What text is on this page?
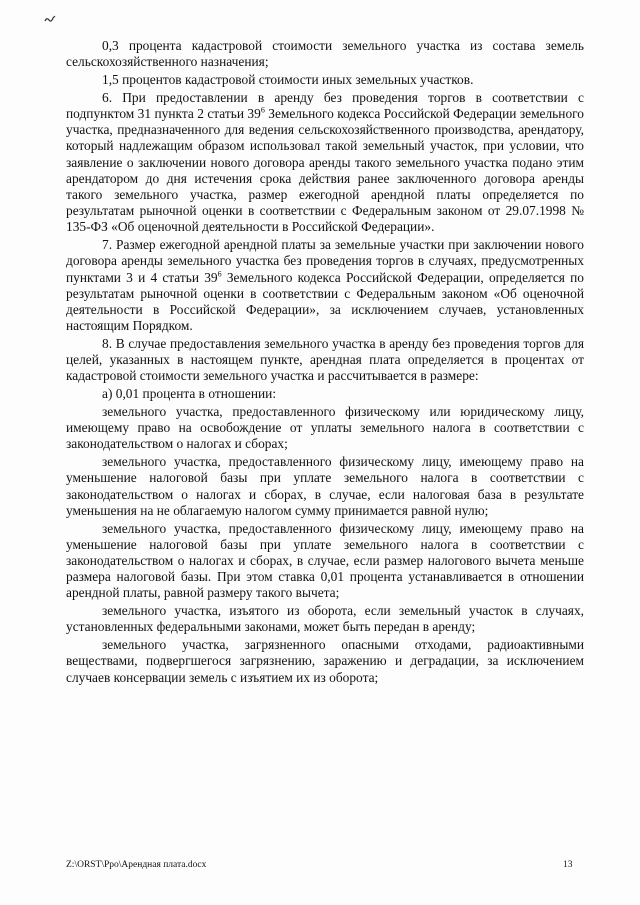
0,3 процента кадастровой стоимости земельного участка из состава земель сельскохозяйственного назначения;

1,5 процентов кадастровой стоимости иных земельных участков.

6. При предоставлении в аренду без проведения торгов в соответствии с подпунктом 31 пункта 2 статьи $39^6$ Земельного кодекса Российской Федерации земельного участка, предназначенного для ведения сельскохозяйственного производства, арендатору, который надлежащим образом использовал такой земельный участок, при условии, что заявление о заключении нового договора аренды такого земельного участка подано этим арендатором до дня истечения срока действия ранее заключенного договора аренды такого земельного участка, размер ежегодной арендной платы определяется по результатам рыночной оценки в соответствии с Федеральным законом от 29.07.1998 № 135-ФЗ «Об оценочной деятельности в Российской Федерации».

7. Размер ежегодной арендной платы за земельные участки при заключении нового договора аренды земельного участка без проведения торгов в случаях, предусмотренных пунктами 3 и 4 статьи $39^6$ Земельного кодекса Российской Федерации, определяется по результатам рыночной оценки в соответствии с Федеральным законом «Об оценочной деятельности в Российской Федерации», за исключением случаев, установленных настоящим Порядком.

8. В случае предоставления земельного участка в аренду без проведения торгов для целей, указанных в настоящем пункте, арендная плата определяется в процентах от кадастровой стоимости земельного участка и рассчитывается в размере:

а) 0,01 процента в отношении:

земельного участка, предоставленного физическому или юридическому лицу, имеющему право на освобождение от уплаты земельного налога в соответствии с законодательством о налогах и сборах;

земельного участка, предоставленного физическому лицу, имеющему право на уменьшение налоговой базы при уплате земельного налога в соответствии с законодательством о налогах и сборах, в случае, если налоговая база в результате уменьшения на не облагаемую налогом сумму принимается равной нулю;

земельного участка, предоставленного физическому лицу, имеющему право на уменьшение налоговой базы при уплате земельного налога в соответствии с законодательством о налогах и сборах, в случае, если размер налогового вычета меньше размера налоговой базы. При этом ставка 0,01 процента устанавливается в отношении арендной платы, равной размеру такого вычета;

земельного участка, изъятого из оборота, если земельный участок в случаях, установленных федеральными законами, может быть передан в аренду;

земельного участка, загрязненного опасными отходами, радиоактивными веществами, подвергшегося загрязнению, заражению и деградации, за исключением случаев консервации земель с изъятием их из оборота;

Z:\ORST\Рро\Арендная плата.docx	13
